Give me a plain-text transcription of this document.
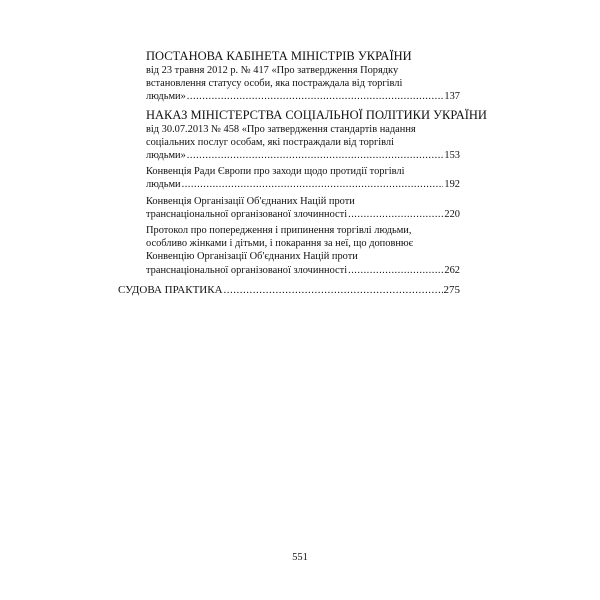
ПОСТАНОВА КАБІНЕТА МІНІСТРІВ УКРАЇНИ
від 23 травня 2012 р. № 417 «Про затвердження Порядку
встановлення статусу особи, яка постраждала від торгівлі
людьми» .....	137
НАКАЗ МІНІСТЕРСТВА СОЦІАЛЬНОЇ ПОЛІТИКИ УКРАЇНИ
від 30.07.2013 № 458 «Про затвердження стандартів надання
соціальних послуг особам, які постраждали від торгівлі
людьми» .....	153
Конвенція Ради Європи про заходи щодо протидії торгівлі
людьми .....	192
Конвенція Організації Об'єднаних Націй проти
транснаціональної організованої злочинності .....	220
Протокол про попередження і припинення торгівлі людьми,
особливо жінками і дітьми, і покарання за неї, що доповнює
Конвенцію Організації Об'єднаних Націй проти
транснаціональної організованої злочинності .....	262
СУДОВА ПРАКТИКА .....	275
551
